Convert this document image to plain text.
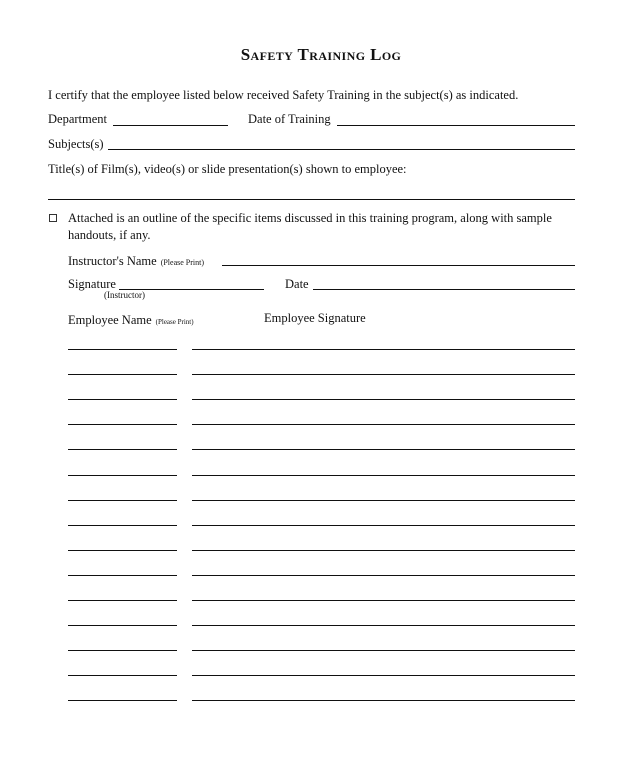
Safety Training Log
I certify that the employee listed below received Safety Training in the subject(s) as indicated.
Department	Date of Training
Subjects(s)
Title(s) of Film(s), video(s) or slide presentation(s) shown to employee:
Attached is an outline of the specific items discussed in this training program, along with sample handouts, if any.
Instructor's Name (Please Print)
Signature
(Instructor)
Date
Employee Name (Please Print)	Employee Signature
